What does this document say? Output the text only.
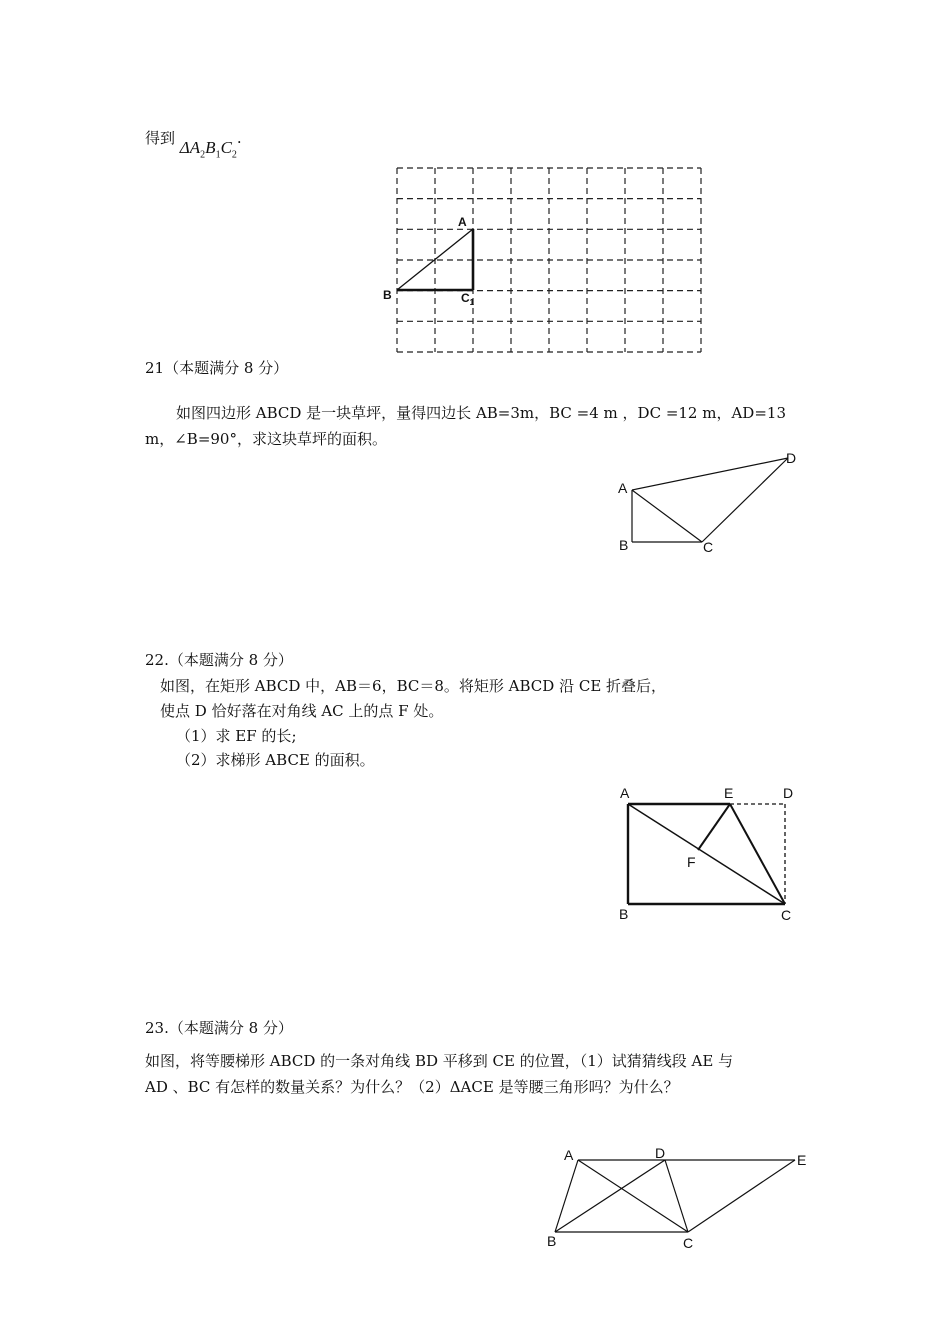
得到 $\Delta A_2B_1C_2$.
A
B	$C_1$
21（本题满分 8 分）
如图四边形 ABCD 是一块草坪，量得四边长 AB=3m，BC =4 m ，DC =12 m，AD=13
m，∠B=90°，求这块草坪的面积。
A
B	C
D
22.（本题满分 8 分）
如图，在矩形 ABCD 中，AB＝6，BC＝8。将矩形 ABCD 沿 CE 折叠后，
使点 D 恰好落在对角线 AC 上的点 F 处。
（1）求 EF 的长;
（2）求梯形 ABCE 的面积。
A	E	D
F
B	C
23.（本题满分 8 分）
如图，将等腰梯形 ABCD 的一条对角线 BD 平移到 CE 的位置，（1）试猜猜线段 AE 与
AD 、BC 有怎样的数量关系？为什么？（2）ΔACE 是等腰三角形吗？为什么？
A	D	E
B	C
